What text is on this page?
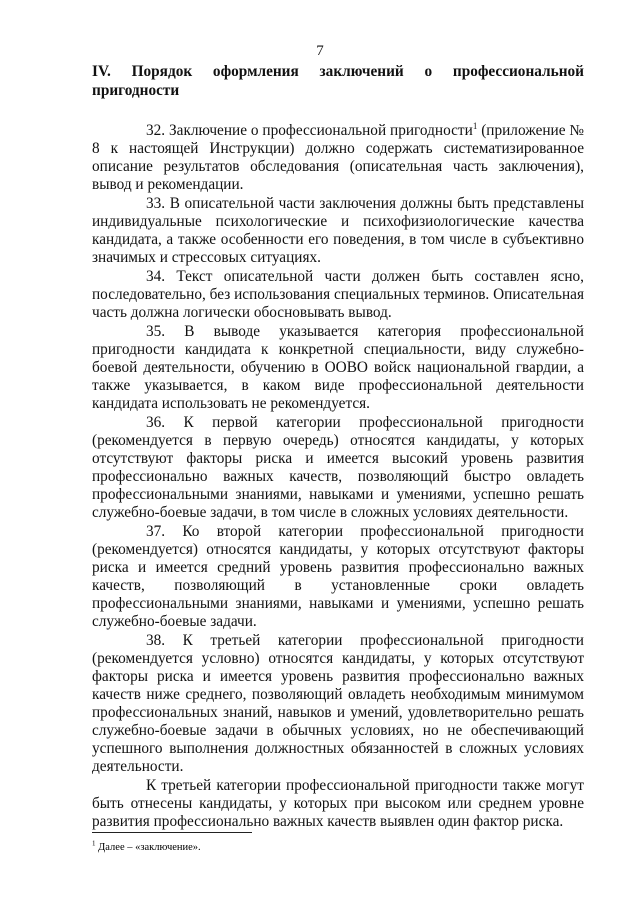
7
IV. Порядок оформления заключений о профессиональной
пригодности

32. Заключение о профессиональной пригодности$^1$ (приложение № 8 к настоящей Инструкции) должно содержать систематизированное описание результатов обследования (описательная часть заключения), вывод и рекомендации.

33. В описательной части заключения должны быть представлены индивидуальные психологические и психофизиологические качества кандидата, а также особенности его поведения, в том числе в субъективно значимых и стрессовых ситуациях.

34. Текст описательной части должен быть составлен ясно, последовательно, без использования специальных терминов. Описательная часть должна логически обосновывать вывод.

35. В выводе указывается категория профессиональной пригодности кандидата к конкретной специальности, виду служебно-боевой деятельности, обучению в ООВО войск национальной гвардии, а также указывается, в каком виде профессиональной деятельности кандидата использовать не рекомендуется.

36. К первой категории профессиональной пригодности (рекомендуется в первую очередь) относятся кандидаты, у которых отсутствуют факторы риска и имеется высокий уровень развития профессионально важных качеств, позволяющий быстро овладеть профессиональными знаниями, навыками и умениями, успешно решать служебно-боевые задачи, в том числе в сложных условиях деятельности.

37. Ко второй категории профессиональной пригодности (рекомендуется) относятся кандидаты, у которых отсутствуют факторы риска и имеется средний уровень развития профессионально важных качеств, позволяющий в установленные сроки овладеть профессиональными знаниями, навыками и умениями, успешно решать служебно-боевые задачи.

38. К третьей категории профессиональной пригодности (рекомендуется условно) относятся кандидаты, у которых отсутствуют факторы риска и имеется уровень развития профессионально важных качеств ниже среднего, позволяющий овладеть необходимым минимумом профессиональных знаний, навыков и умений, удовлетворительно решать служебно-боевые задачи в обычных условиях, но не обеспечивающий успешного выполнения должностных обязанностей в сложных условиях деятельности.

К третьей категории профессиональной пригодности также могут быть отнесены кандидаты, у которых при высоком или среднем уровне развития профессионально важных качеств выявлен один фактор риска.

$^1$ Далее – «заключение».
